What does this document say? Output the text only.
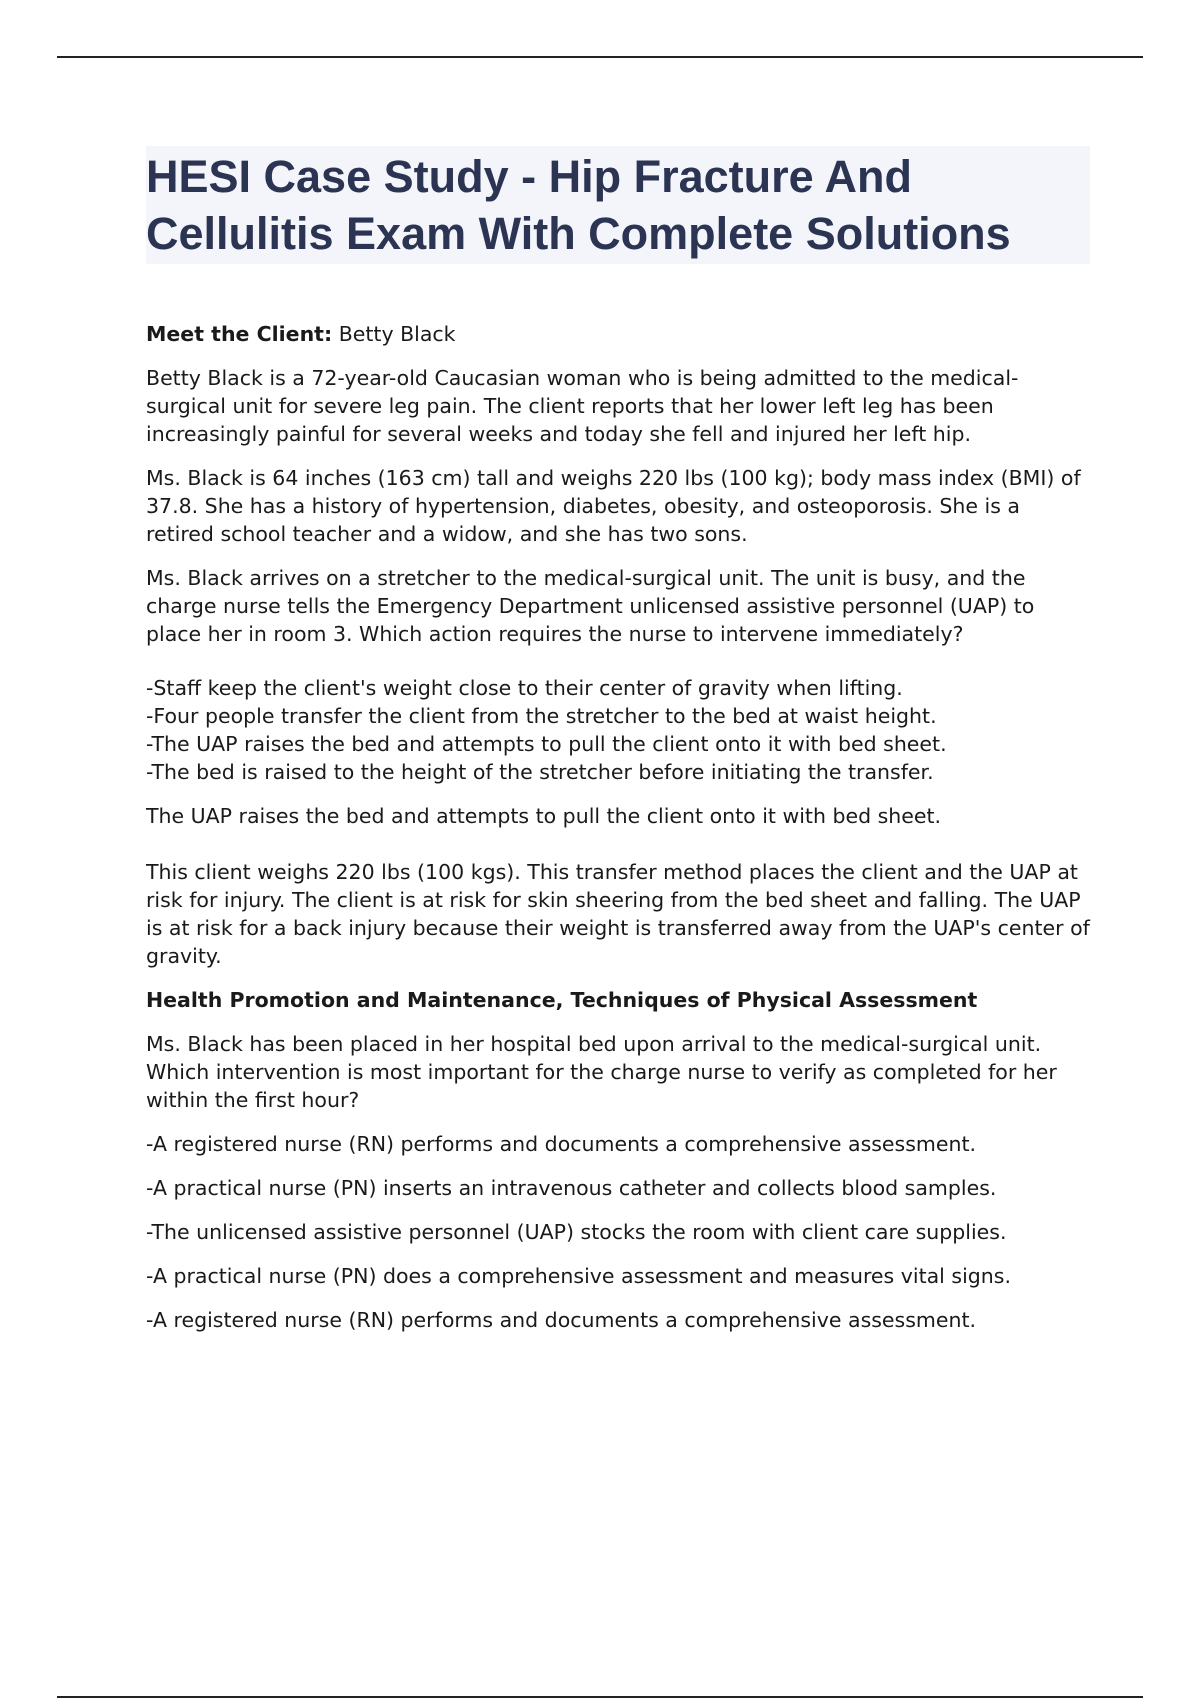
HESI Case Study - Hip Fracture And Cellulitis Exam With Complete Solutions

Meet the Client: Betty Black

Betty Black is a 72-year-old Caucasian woman who is being admitted to the medical-surgical unit for severe leg pain. The client reports that her lower left leg has been increasingly painful for several weeks and today she fell and injured her left hip.

Ms. Black is 64 inches (163 cm) tall and weighs 220 lbs (100 kg); body mass index (BMI) of 37.8. She has a history of hypertension, diabetes, obesity, and osteoporosis. She is a retired school teacher and a widow, and she has two sons.

Ms. Black arrives on a stretcher to the medical-surgical unit. The unit is busy, and the charge nurse tells the Emergency Department unlicensed assistive personnel (UAP) to place her in room 3. Which action requires the nurse to intervene immediately?

-Staff keep the client's weight close to their center of gravity when lifting.
-Four people transfer the client from the stretcher to the bed at waist height.
-The UAP raises the bed and attempts to pull the client onto it with bed sheet.
-The bed is raised to the height of the stretcher before initiating the transfer.

The UAP raises the bed and attempts to pull the client onto it with bed sheet.

This client weighs 220 lbs (100 kgs). This transfer method places the client and the UAP at risk for injury. The client is at risk for skin sheering from the bed sheet and falling. The UAP is at risk for a back injury because their weight is transferred away from the UAP's center of gravity.

Health Promotion and Maintenance, Techniques of Physical Assessment

Ms. Black has been placed in her hospital bed upon arrival to the medical-surgical unit. Which intervention is most important for the charge nurse to verify as completed for her within the first hour?

-A registered nurse (RN) performs and documents a comprehensive assessment.
-A practical nurse (PN) inserts an intravenous catheter and collects blood samples.
-The unlicensed assistive personnel (UAP) stocks the room with client care supplies.
-A practical nurse (PN) does a comprehensive assessment and measures vital signs.
-A registered nurse (RN) performs and documents a comprehensive assessment.
